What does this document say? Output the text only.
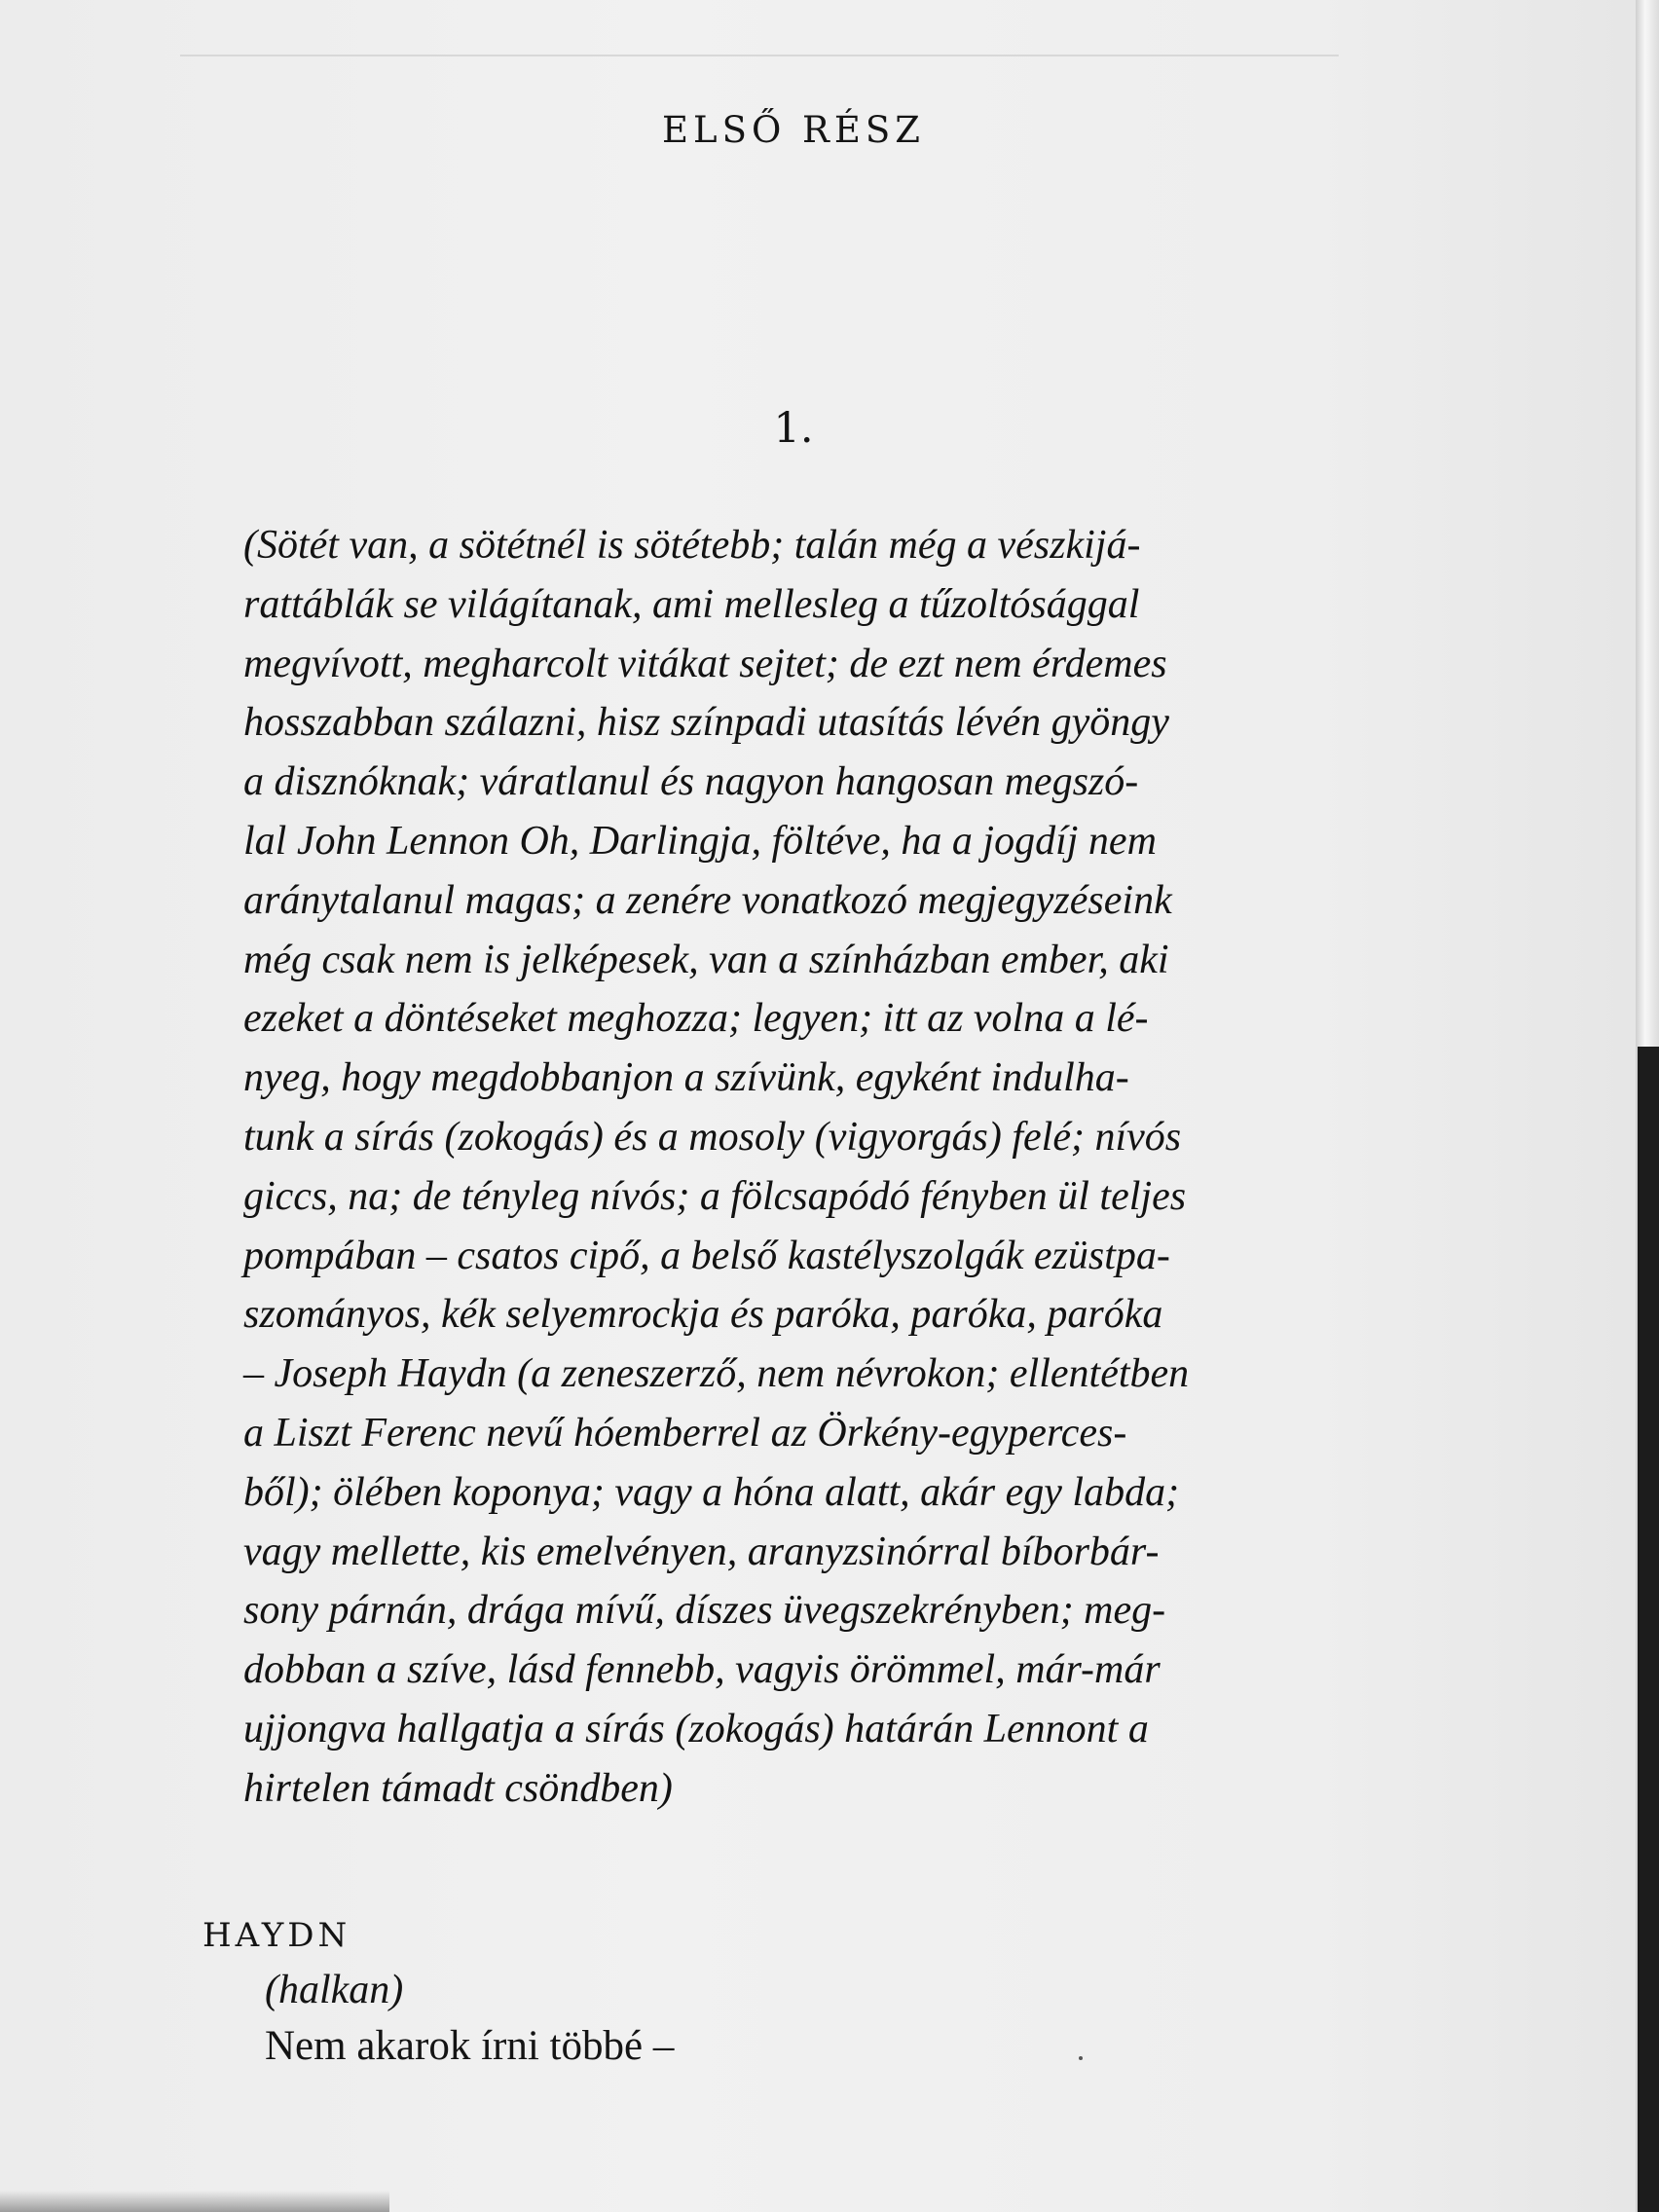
ELSŐ RÉSZ
1.

(Sötét van, a sötétnél is sötétebb; talán még a vészkijá-
rattáblák se világítanak, ami mellesleg a tűzoltósággal
megvívott, megharcolt vitákat sejtet; de ezt nem érdemes
hosszabban szálazni, hisz színpadi utasítás lévén gyöngy
a disznóknak; váratlanul és nagyon hangosan megszó-
lal John Lennon Oh, Darlingja, föltéve, ha a jogdíj nem
aránytalanul magas; a zenére vonatkozó megjegyzéseink
még csak nem is jelképesek, van a színházban ember, aki
ezeket a döntéseket meghozza; legyen; itt az volna a lé-
nyeg, hogy megdobbanjon a szívünk, egyként indulha-
tunk a sírás (zokogás) és a mosoly (vigyorgás) felé; nívós
giccs, na; de tényleg nívós; a fölcsapódó fényben ül teljes
pompában – csatos cipő, a belső kastélyszolgák ezüstpa-
szományos, kék selyemrockja és paróka, paróka, paróka
– Joseph Haydn (a zeneszerző, nem névrokon; ellentétben
a Liszt Ferenc nevű hóemberrel az Örkény-egyperces-
ből); ölében koponya; vagy a hóna alatt, akár egy labda;
vagy mellette, kis emelvényen, aranyzsinórral bíborbár-
sony párnán, drága mívű, díszes üvegszekrényben; meg-
dobban a szíve, lásd fennebb, vagyis örömmel, már-már
ujjongva hallgatja a sírás (zokogás) határán Lennont a
hirtelen támadt csöndben)

HAYDN
(halkan)
Nem akarok írni többé –
